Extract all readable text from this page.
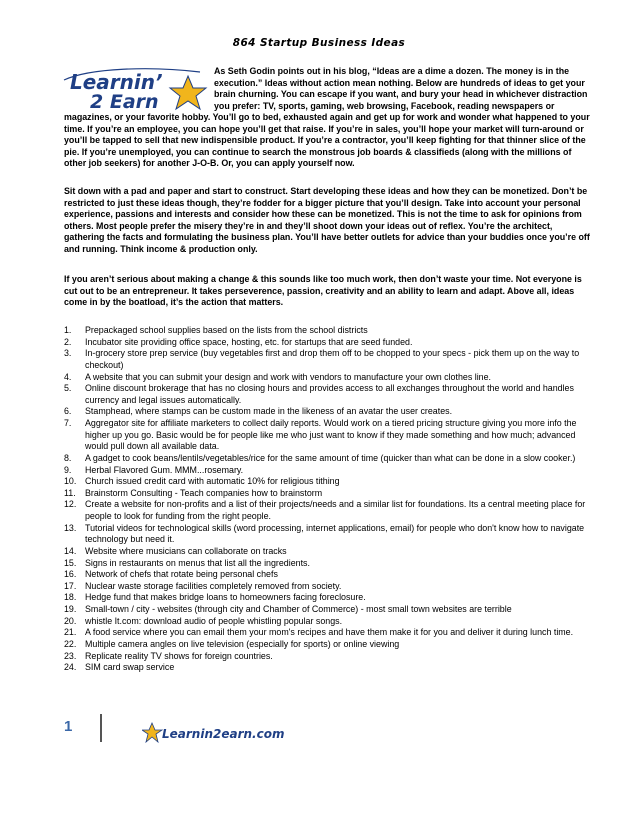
864 Startup Business Ideas
Learnin’
2 Earn
As Seth Godin points out in his blog, “Ideas are a dime a dozen. The money is in the execution.” Ideas without action mean nothing. Below are hundreds of ideas to get your brain churning. You can escape if you want, and bury your head in whichever distraction you prefer: TV, sports, gaming, web browsing, Facebook, reading newspapers or magazines, or your favorite hobby. You’ll go to bed, exhausted again and get up for work and wonder what happened to your time. If you’re an employee, you can hope you’ll get that raise. If you’re in sales, you’ll hope your market will turn-around or you’ll be tapped to sell that new indispensible product. If you’re a contractor, you’ll keep fighting for that thinner slice of the pie. If you’re unemployed, you can continue to search the monstrous job boards & classifieds (along with the millions of other job seekers) for another J-O-B. Or, you can apply yourself now.

Sit down with a pad and paper and start to construct. Start developing these ideas and how they can be monetized. Don’t be restricted to just these ideas though, they’re fodder for a bigger picture that you’ll design. Take into account your personal experience, passions and interests and consider how these can be monetized. This is not the time to ask for opinions from others. Most people prefer the misery they’re in and they’ll shoot down your ideas out of reflex. You’re the architect, gathering the facts and formulating the business plan. You’ll have better outlets for advice than your buddies once you’re off and running. Think income & production only.

If you aren’t serious about making a change & this sounds like too much work, then don’t waste your time. Not everyone is cut out to be an entrepreneur. It takes perseverence, passion, creativity and an ability to learn and adapt. Above all, ideas come in by the boatload, it’s the action that matters.

1.	Prepackaged school supplies based on the lists from the school districts
2.	Incubator site providing office space, hosting, etc. for startups that are seed funded.
3.	In-grocery store prep service (buy vegetables first and drop them off to be chopped to your specs - pick them up on the way to checkout)
4.	A website that you can submit your design and work with vendors to manufacture your own clothes line.
5.	Online discount brokerage that has no closing hours and provides access to all exchanges throughout the world and handles currency and legal issues automatically.
6.	Stamphead, where stamps can be custom made in the likeness of an avatar the user creates.
7.	Aggregator site for affiliate marketers to collect daily reports. Would work on a tiered pricing structure giving you more info the higher up you go. Basic would be for people like me who just want to know if they made something and how much; advanced would pull down all available data.
8.	A gadget to cook beans/lentils/vegetables/rice for the same amount of time (quicker than what can be done in a slow cooker.)
9.	Herbal Flavored Gum. MMM...rosemary.
10. Church issued credit card with automatic 10% for religious tithing
11.	Brainstorm Consulting - Teach companies how to brainstorm
12. Create a website for non-profits and a list of their projects/needs and a similar list for foundations. Its a central meeting place for people to look for funding from the right people.
13. Tutorial videos for technological skills (word processing, internet applications, email) for people who don't know how to navigate technology but need it.
14. Website where musicians can collaborate on tracks
15. Signs in restaurants on menus that list all the ingredients.
16. Network of chefs that rotate being personal chefs
17. Nuclear waste storage facilities completely removed from society.
18. Hedge fund that makes bridge loans to homeowners facing foreclosure.
19. Small-town / city - websites (through city and Chamber of Commerce) - most small town websites are terrible
20. whistle It.com: download audio of people whistling popular songs.
21. A food service where you can email them your mom's recipes and have them make it for you and deliver it during lunch time.
22. Multiple camera angles on live television (especially for sports) or online viewing
23. Replicate reality TV shows for foreign countries.
24. SIM card swap service
1	Learnin2earn.com
